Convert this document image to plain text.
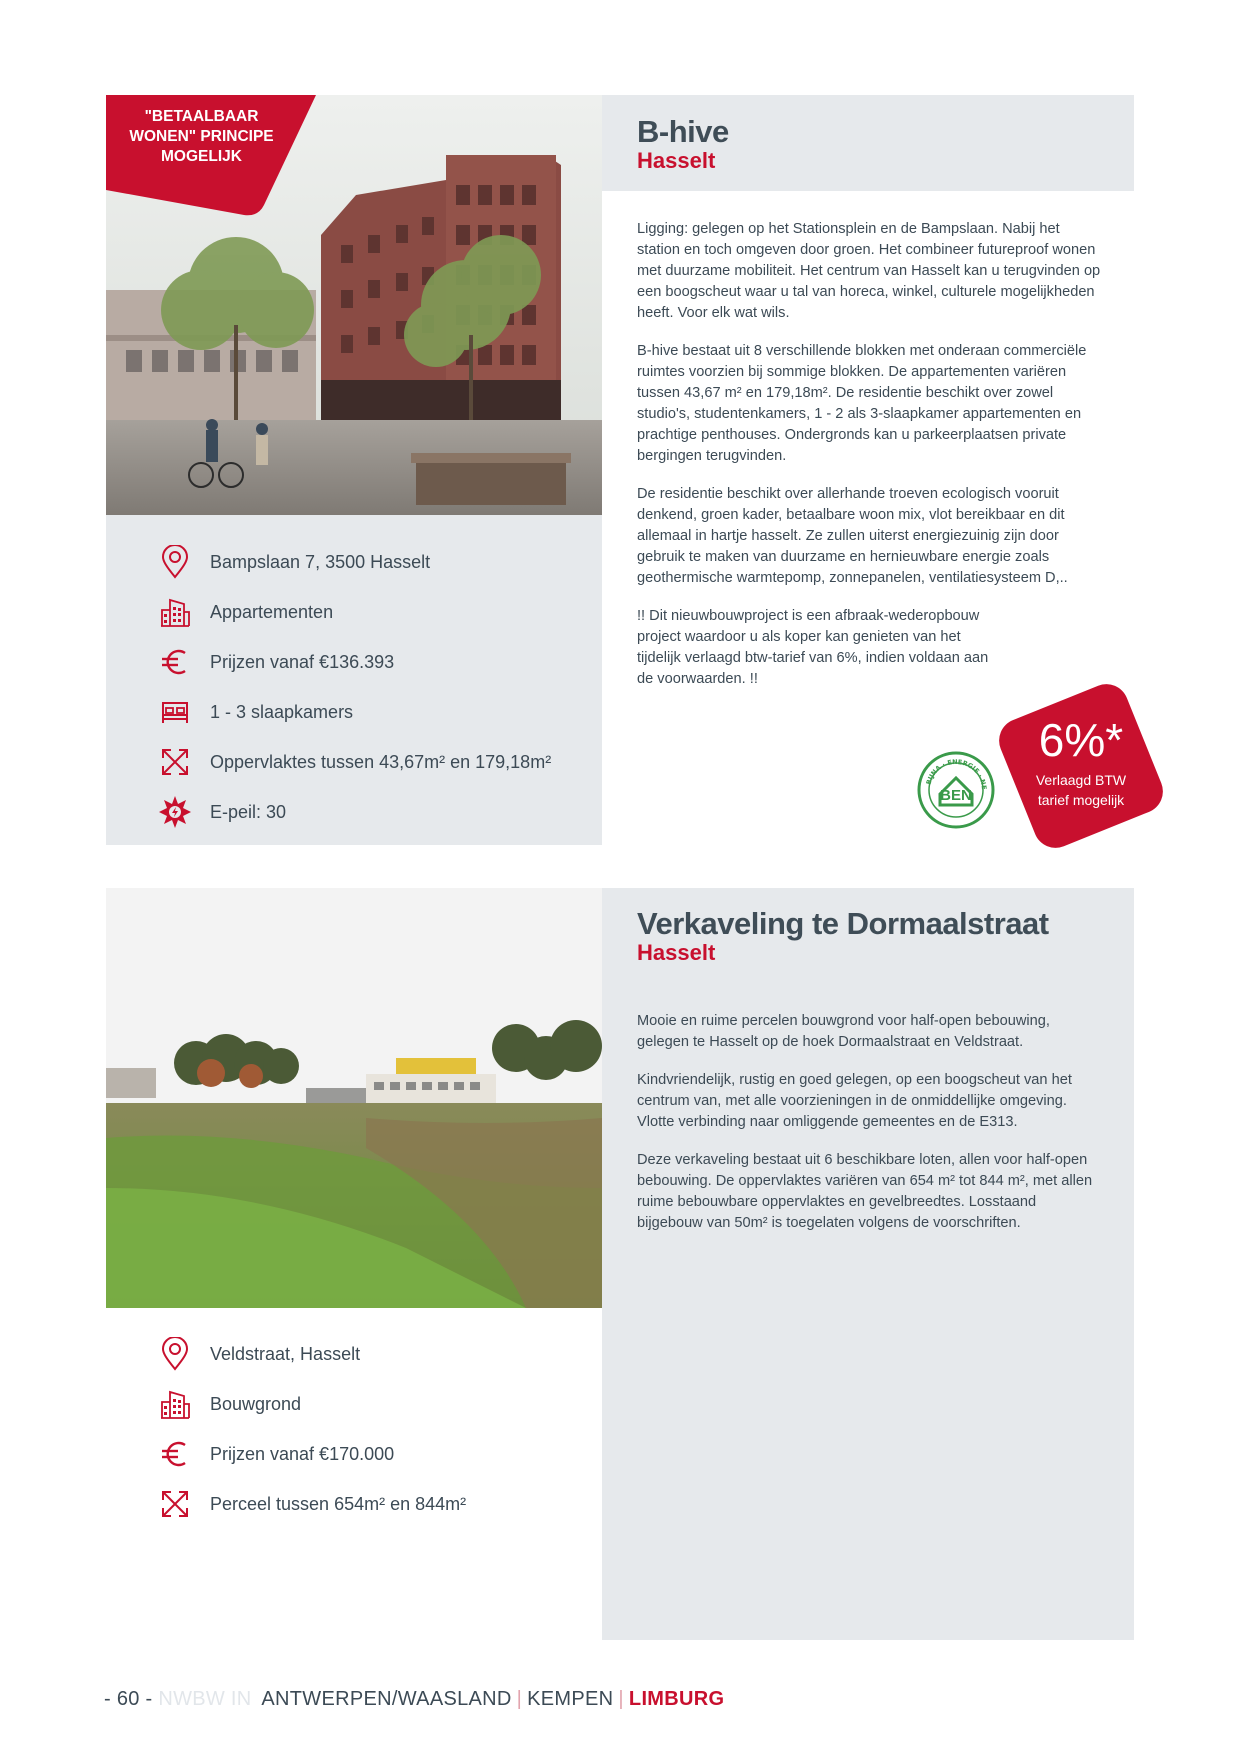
"BETAALBAAR WONEN" PRINCIPE MOGELIJK
B-hive
Hasselt

Ligging: gelegen op het Stationsplein en de Bampslaan. Nabij het station en toch omgeven door groen. Het combineer futureproof wonen met duurzame mobiliteit. Het centrum van Hasselt kan u terugvinden op een boogscheut waar u tal van horeca, winkel, culturele mogelijkheden heeft. Voor elk wat wils.

B-hive bestaat uit 8 verschillende blokken met onderaan commerciële ruimtes voorzien bij sommige blokken. De appartementen variëren tussen 43,67 m² en 179,18m². De residentie beschikt over zowel studio's, studentenkamers, 1 - 2 als 3-slaapkamer appartementen en prachtige penthouses. Ondergronds kan u parkeerplaatsen private bergingen terugvinden.

De residentie beschikt over allerhande troeven ecologisch vooruit denkend, groen kader, betaalbare woon mix, vlot bereikbaar en dit allemaal in hartje hasselt. Ze zullen uiterst energiezuinig zijn door gebruik te maken van duurzame en hernieuwbare energie zoals geothermische warmtepomp, zonnepanelen, ventilatiesysteem D,..

!! Dit nieuwbouwproject is een afbraak-wederopbouw project waardoor u als koper kan genieten van het tijdelijk verlaagd btw-tarief van 6%, indien voldaan aan de voorwaarden. !!

Bampslaan 7, 3500 Hasselt
Appartementen
Prijzen vanaf €136.393
1 - 3 slaapkamers
Oppervlaktes tussen 43,67m² en 179,18m²
E-peil: 30
BIJNA · ENERGIE · NE
BEN
6%*
Verlaagd BTW
tarief mogelijk
Verkaveling te Dormaalstraat
Hasselt

Mooie en ruime percelen bouwgrond voor half-open bebouwing, gelegen te Hasselt op de hoek Dormaalstraat en Veldstraat.

Kindvriendelijk, rustig en goed gelegen, op een boogscheut van het centrum van, met alle voorzieningen in de onmiddellijke omgeving. Vlotte verbinding naar omliggende gemeentes en de E313.

Deze verkaveling bestaat uit 6 beschikbare loten, allen voor half-open bebouwing. De oppervlaktes variëren van 654 m² tot 844 m², met allen ruime bebouwbare oppervlaktes en gevelbreedtes. Losstaand bijgebouw van 50m² is toegelaten volgens de voorschriften.

Veldstraat, Hasselt
Bouwgrond
Prijzen vanaf €170.000
Perceel tussen 654m² en 844m²
- 60 - NWBW IN ANTWERPEN/WAASLAND | KEMPEN | LIMBURG
